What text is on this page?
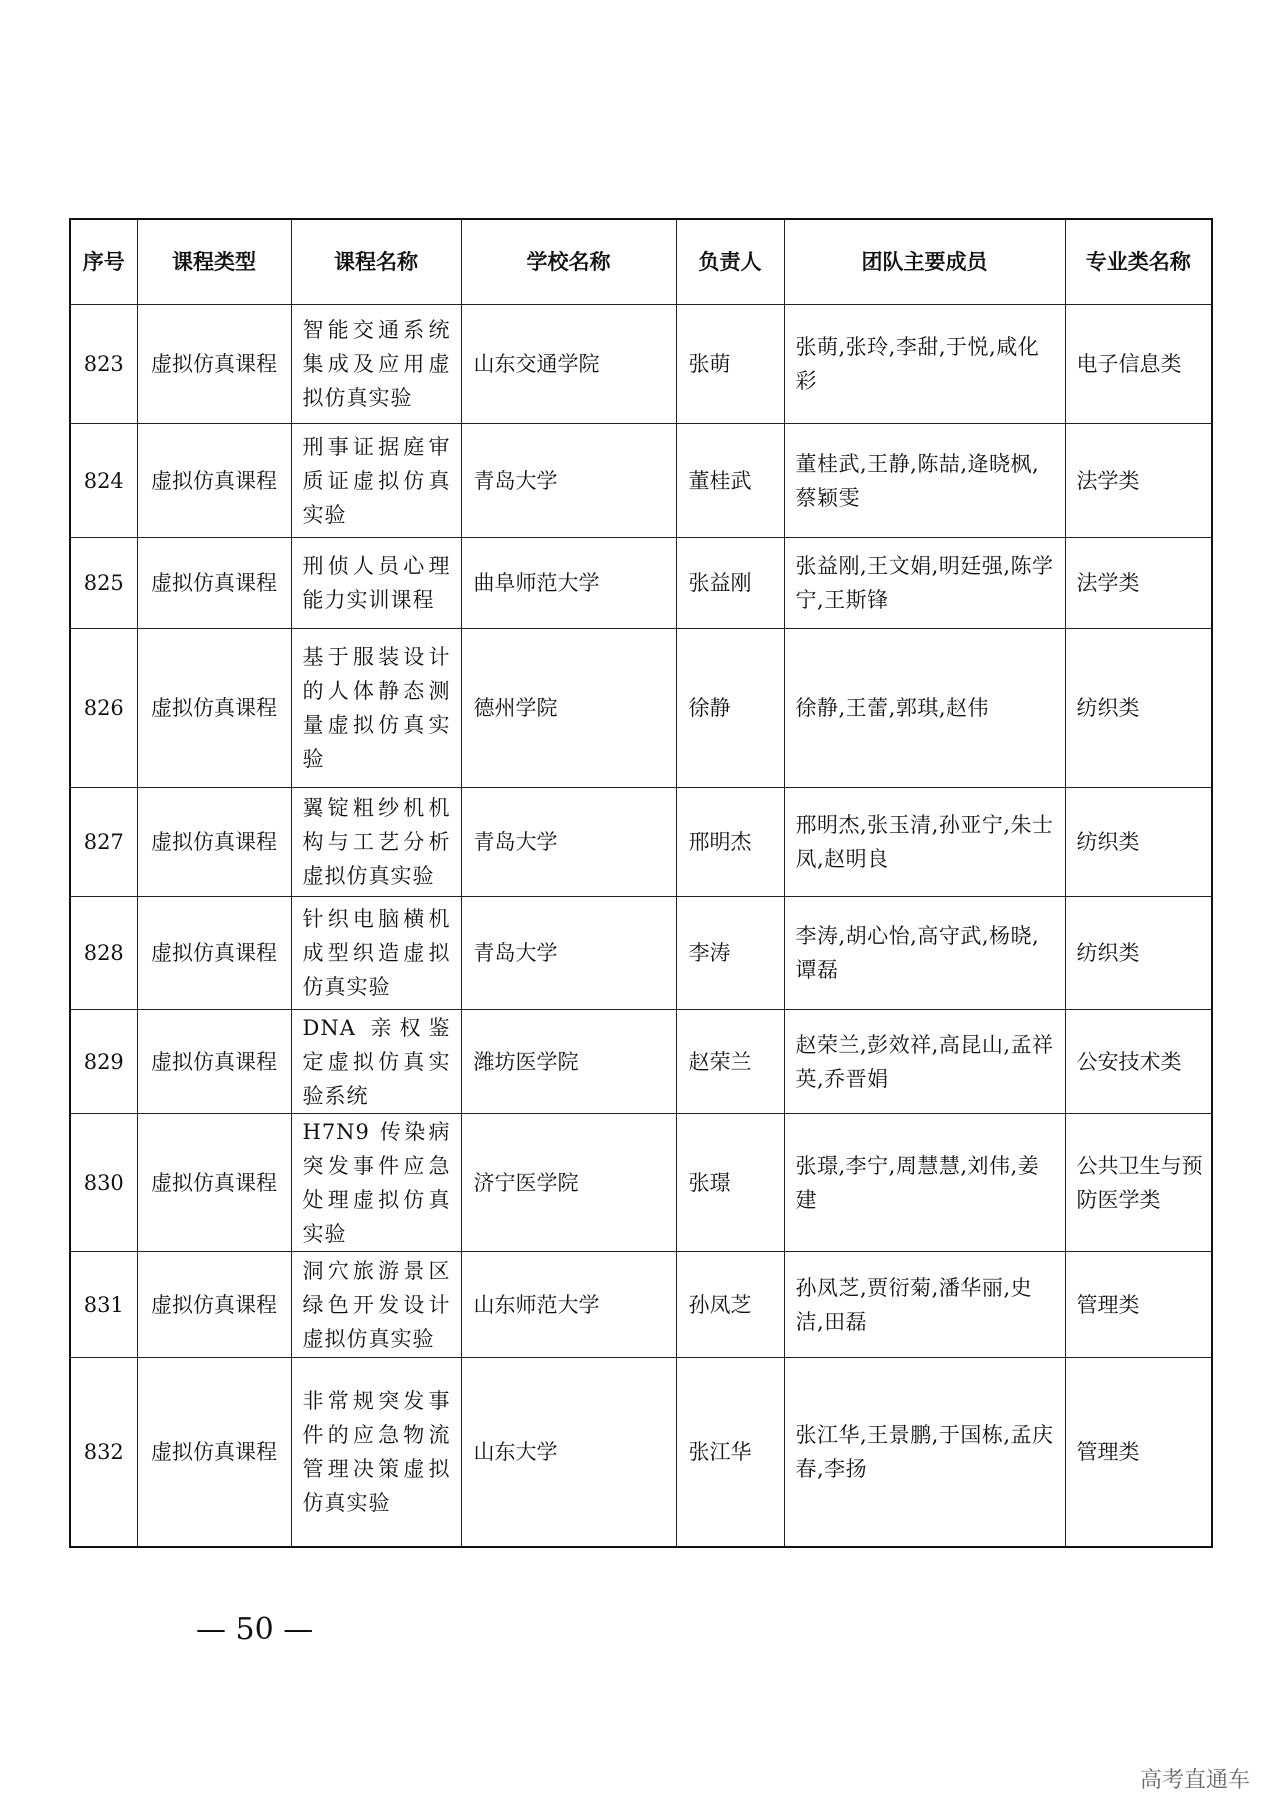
序号	课程类型	课程名称	学校名称	负责人	团队主要成员	专业类名称
823	虚拟仿真课程	智能交通系统集成及应用虚拟仿真实验	山东交通学院	张萌	张萌,张玲,李甜,于悦,咸化彩	电子信息类
824	虚拟仿真课程	刑事证据庭审质证虚拟仿真实验	青岛大学	董桂武	董桂武,王静,陈喆,逄晓枫,蔡颖雯	法学类
825	虚拟仿真课程	刑侦人员心理能力实训课程	曲阜师范大学	张益刚	张益刚,王文娟,明廷强,陈学宁,王斯锋	法学类
826	虚拟仿真课程	基于服装设计的人体静态测量虚拟仿真实验	德州学院	徐静	徐静,王蕾,郭琪,赵伟	纺织类
827	虚拟仿真课程	翼锭粗纱机机构与工艺分析虚拟仿真实验	青岛大学	邢明杰	邢明杰,张玉清,孙亚宁,朱士凤,赵明良	纺织类
828	虚拟仿真课程	针织电脑横机成型织造虚拟仿真实验	青岛大学	李涛	李涛,胡心怡,高守武,杨晓,谭磊	纺织类
829	虚拟仿真课程	DNA 亲权鉴定虚拟仿真实验系统	潍坊医学院	赵荣兰	赵荣兰,彭效祥,高昆山,孟祥英,乔晋娟	公安技术类
830	虚拟仿真课程	H7N9 传染病突发事件应急处理虚拟仿真实验	济宁医学院	张璟	张璟,李宁,周慧慧,刘伟,姜建	公共卫生与预防医学类
831	虚拟仿真课程	洞穴旅游景区绿色开发设计虚拟仿真实验	山东师范大学	孙凤芝	孙凤芝,贾衍菊,潘华丽,史洁,田磊	管理类
832	虚拟仿真课程	非常规突发事件的应急物流管理决策虚拟仿真实验	山东大学	张江华	张江华,王景鹏,于国栋,孟庆春,李扬	管理类
— 50 —
高考直通车
